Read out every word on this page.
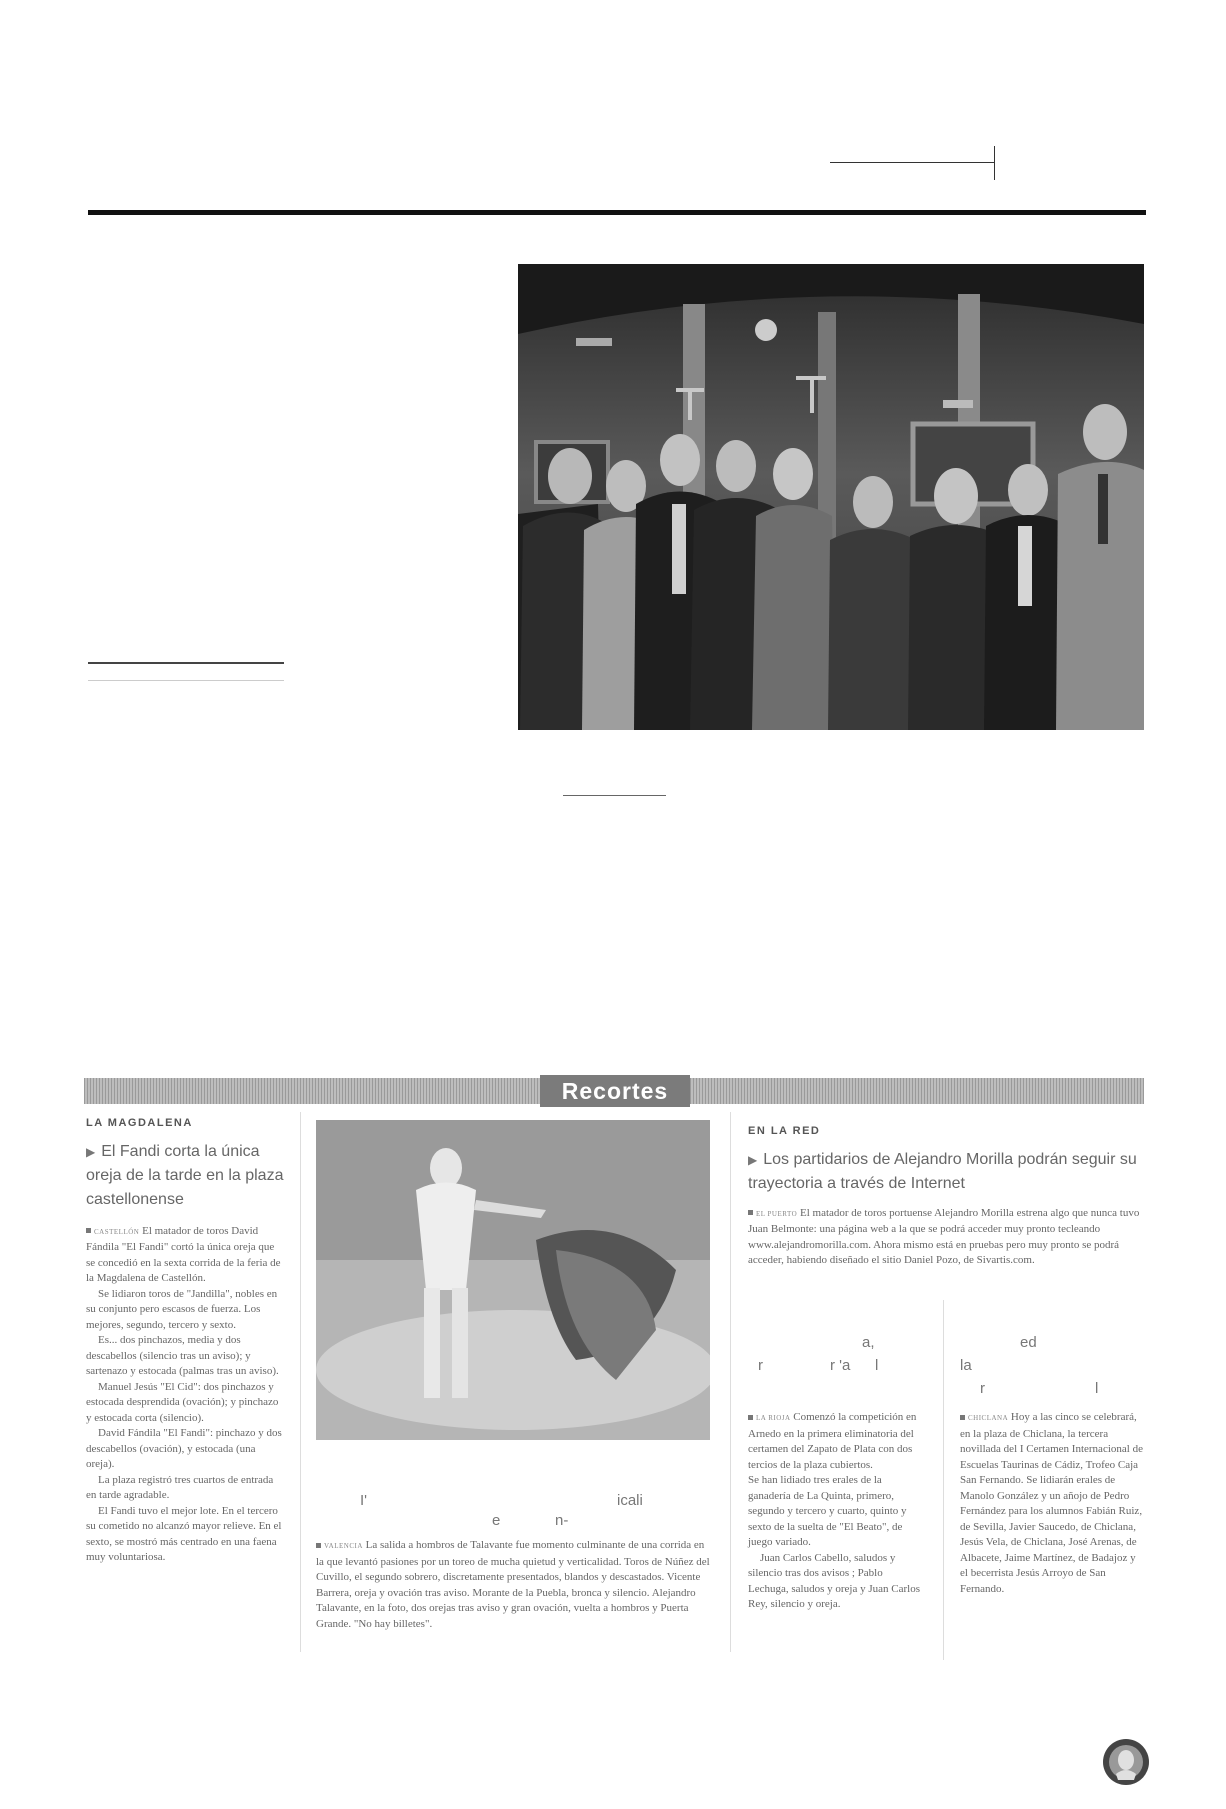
Recortes
LA MAGDALENA
▶ El Fandi corta la única oreja de la tarde en la plaza castellonense
CASTELLÓN El matador de toros David Fándila "El Fandi" cortó la única oreja que se concedió en la sexta corrida de la feria de la Magdalena de Castellón.
Se lidiaron toros de "Jandilla", nobles en su conjunto pero escasos de fuerza. Los mejores, segundo, tercero y sexto.
Es... dos pinchazos, media y dos descabellos (silencio tras un aviso); y sartenazo y estocada (palmas tras un aviso).
Manuel Jesús "El Cid": dos pinchazos y estocada desprendida (ovación); y pinchazo y estocada corta (silencio).
David Fándila "El Fandi": pinchazo y dos descabellos (ovación), y estocada (una oreja).
La plaza registró tres cuartos de entrada en tarde agradable.
El Fandi tuvo el mejor lote. En el tercero su cometido no alcanzó mayor relieve. En el sexto, se mostró más centrado en una faena muy voluntariosa.
I'	icali
e	n-
VALENCIA La salida a hombros de Talavante fue momento culminante de una corrida en la que levantó pasiones por un toreo de mucha quietud y verticalidad. Toros de Núñez del Cuvillo, el segundo sobrero, discretamente presentados, blandos y descastados. Vicente Barrera, oreja y ovación tras aviso. Morante de la Puebla, bronca y silencio. Alejandro Talavante, en la foto, dos orejas tras aviso y gran ovación, vuelta a hombros y Puerta Grande. "No hay billetes".
EN LA RED
▶ Los partidarios de Alejandro Morilla podrán seguir su trayectoria a través de Internet
EL PUERTO El matador de toros portuense Alejandro Morilla estrena algo que nunca tuvo Juan Belmonte: una página web a la que se podrá acceder muy pronto tecleando www.alejandromorilla.com. Ahora mismo está en pruebas pero muy pronto se podrá acceder, habiendo diseñado el sitio Daniel Pozo, de Sivartis.com.
a,
r	r 'a l
LA RIOJA Comenzó la competición en Arnedo en la primera eliminatoria del certamen del Zapato de Plata con dos tercios de la plaza cubiertos.
Se han lidiado tres erales de la ganadería de La Quinta, primero, segundo y tercero y cuarto, quinto y sexto de la suelta de "El Beato", de juego variado.
Juan Carlos Cabello, saludos y silencio tras dos avisos ; Pablo Lechuga, saludos y oreja y Juan Carlos Rey, silencio y oreja.
ed
la
r	l
CHICLANA Hoy a las cinco se celebrará, en la plaza de Chiclana, la tercera novillada del I Certamen Internacional de Escuelas Taurinas de Cádiz, Trofeo Caja San Fernando. Se lidiarán erales de Manolo González y un añojo de Pedro Fernández para los alumnos Fabián Ruiz, de Sevilla, Javier Saucedo, de Chiclana, Jesús Vela, de Chiclana, José Arenas, de Albacete, Jaime Martínez, de Badajoz y el becerrista Jesús Arroyo de San Fernando.
